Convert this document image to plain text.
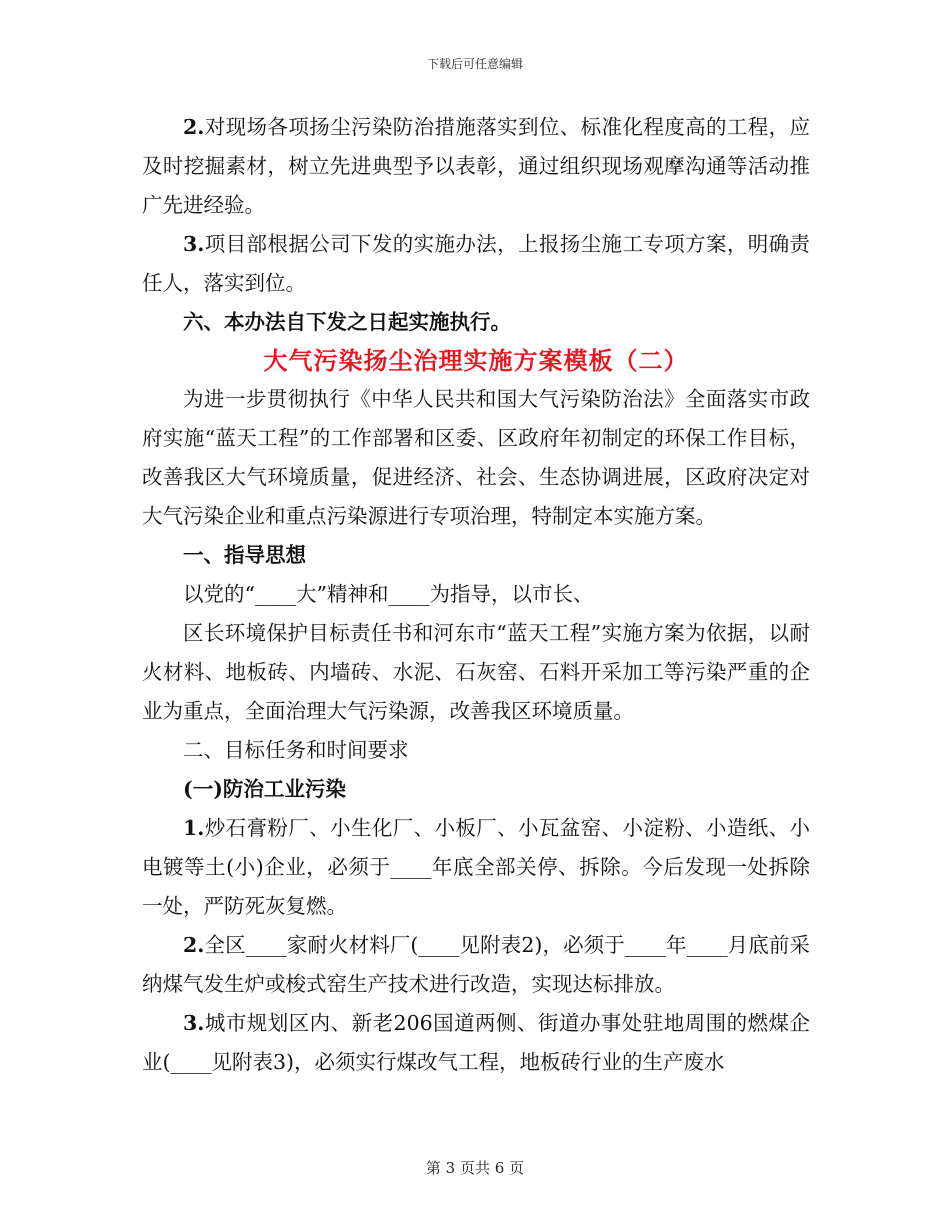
下载后可任意编辑

2.对现场各项扬尘污染防治措施落实到位、标准化程度高的工程，应及时挖掘素材，树立先进典型予以表彰，通过组织现场观摩沟通等活动推广先进经验。

3.项目部根据公司下发的实施办法，上报扬尘施工专项方案，明确责任人，落实到位。

六、本办法自下发之日起实施执行。

大气污染扬尘治理实施方案模板（二）

为进一步贯彻执行《中华人民共和国大气污染防治法》全面落实市政府实施“蓝天工程”的工作部署和区委、区政府年初制定的环保工作目标，改善我区大气环境质量，促进经济、社会、生态协调进展，区政府决定对大气污染企业和重点污染源进行专项治理，特制定本实施方案。

一、指导思想

以党的“____大”精神和____为指导，以市长、

区长环境保护目标责任书和河东市“蓝天工程”实施方案为依据，以耐火材料、地板砖、内墙砖、水泥、石灰窑、石料开采加工等污染严重的企业为重点，全面治理大气污染源，改善我区环境质量。

二、目标任务和时间要求

(一)防治工业污染

1.炒石膏粉厂、小生化厂、小板厂、小瓦盆窑、小淀粉、小造纸、小电镀等土(小)企业，必须于____年底全部关停、拆除。今后发现一处拆除一处，严防死灰复燃。

2.全区____家耐火材料厂(____见附表2)，必须于____年____月底前采纳煤气发生炉或梭式窑生产技术进行改造，实现达标排放。

3.城市规划区内、新老206国道两侧、街道办事处驻地周围的燃煤企业(____见附表3)，必须实行煤改气工程，地板砖行业的生产废水

第 3 页共 6 页
